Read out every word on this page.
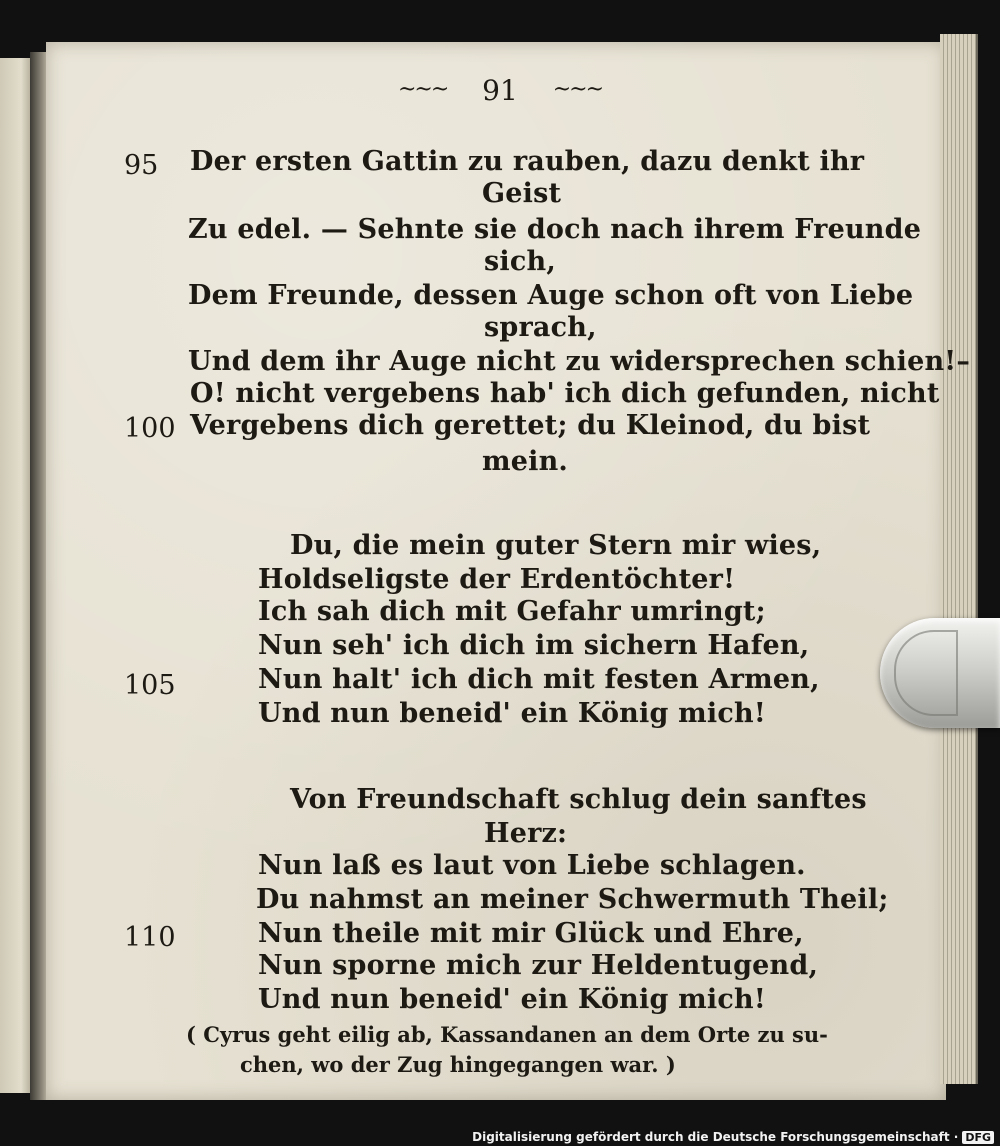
~~~ 91 ~~~
95
100
105
110
Der ersten Gattin zu rauben, dazu denkt ihr
Geist
Zu edel. — Sehnte sie doch nach ihrem Freunde
sich,
Dem Freunde, dessen Auge schon oft von Liebe
sprach,
Und dem ihr Auge nicht zu widersprechen schien!–
O! nicht vergebens hab' ich dich gefunden, nicht
Vergebens dich gerettet; du Kleinod, du bist
mein.
Du, die mein guter Stern mir wies,
Holdseligste der Erdentöchter!
Ich sah dich mit Gefahr umringt;
Nun seh' ich dich im sichern Hafen,
Nun halt' ich dich mit festen Armen,
Und nun beneid' ein König mich!
Von Freundschaft schlug dein sanftes
Herz:
Nun laß es laut von Liebe schlagen.
Du nahmst an meiner Schwermuth Theil;
Nun theile mit mir Glück und Ehre,
Nun sporne mich zur Heldentugend,
Und nun beneid' ein König mich!
( Cyrus geht eilig ab, Kassandanen an dem Orte zu su-
chen, wo der Zug hingegangen war. )
Digitalisierung gefördert durch die Deutsche Forschungsgemeinschaft · DFG
